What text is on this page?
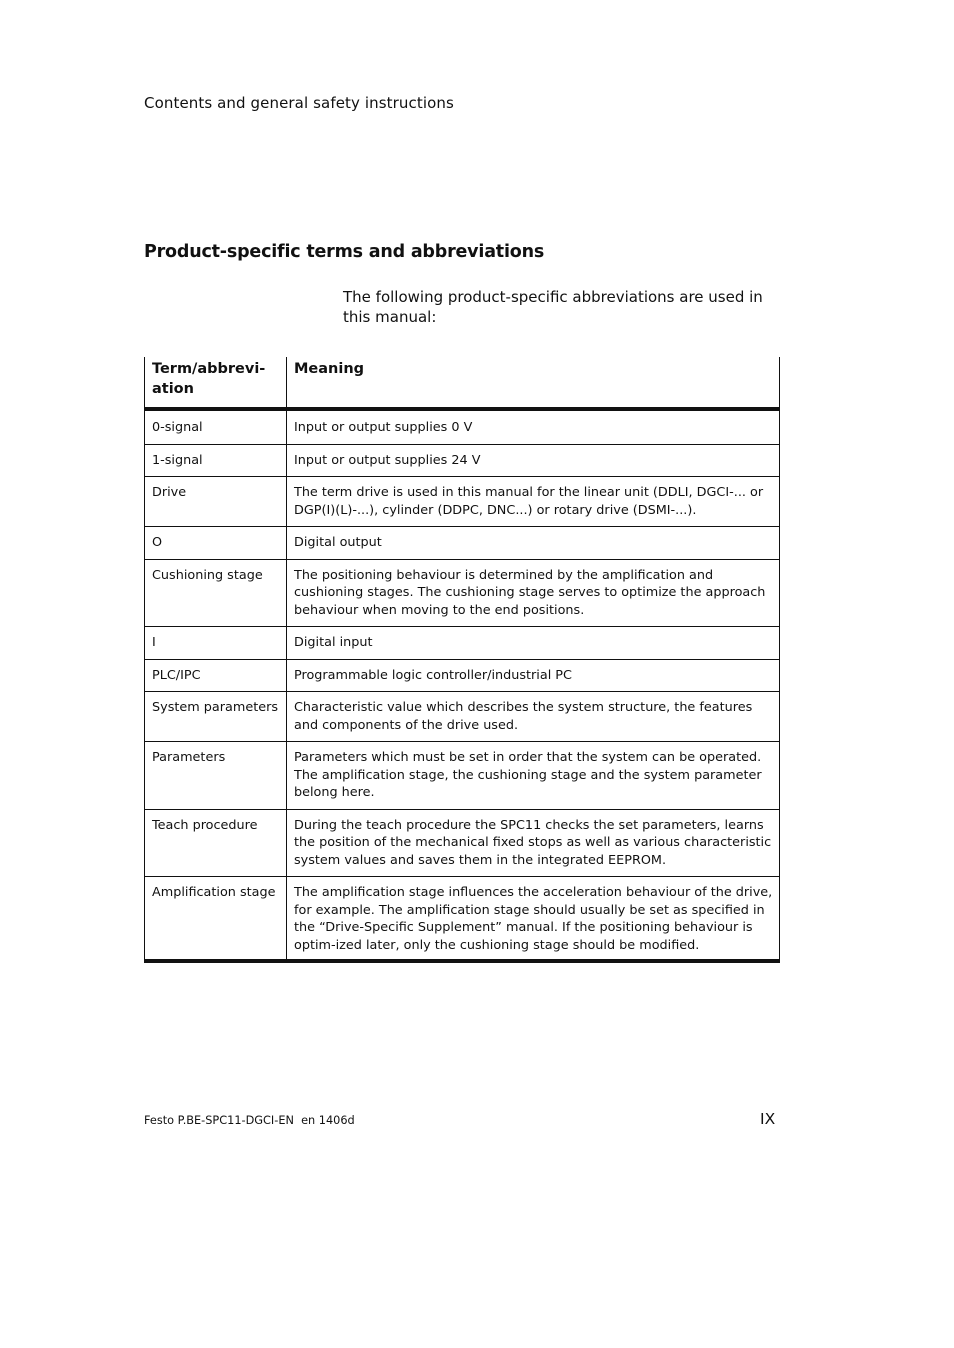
Contents and general safety instructions
Product-specific terms and abbreviations

The following product-specific abbreviations are used in this manual:

Term/abbrevi-
ation	Meaning
0-signal	Input or output supplies 0 V
1-signal	Input or output supplies 24 V
Drive	The term drive is used in this manual for the linear unit (DDLI, DGCI-... or DGP(I)(L)-...), cylinder (DDPC, DNC...) or rotary drive (DSMI-...).
O	Digital output
Cushioning stage	The positioning behaviour is determined by the amplification and cushioning stages. The cushioning stage serves to optimize the approach behaviour when moving to the end positions.
I	Digital input
PLC/IPC	Programmable logic controller/industrial PC
System parameters	Characteristic value which describes the system structure, the features and components of the drive used.
Parameters	Parameters which must be set in order that the system can be operated.
The amplification stage, the cushioning stage and the system parameter belong here.
Teach procedure	During the teach procedure the SPC11 checks the set parameters, learns the position of the mechanical fixed stops as well as various characteristic system values and saves them in the integrated EEPROM.
Amplification stage	The amplification stage influences the acceleration behaviour of the drive, for example. The amplification stage should usually be set as specified in the “Drive-Specific Supplement” manual. If the positioning behaviour is optim-ized later, only the cushioning stage should be modified.
Festo P.BE-SPC11-DGCI-EN  en 1406d	IX
